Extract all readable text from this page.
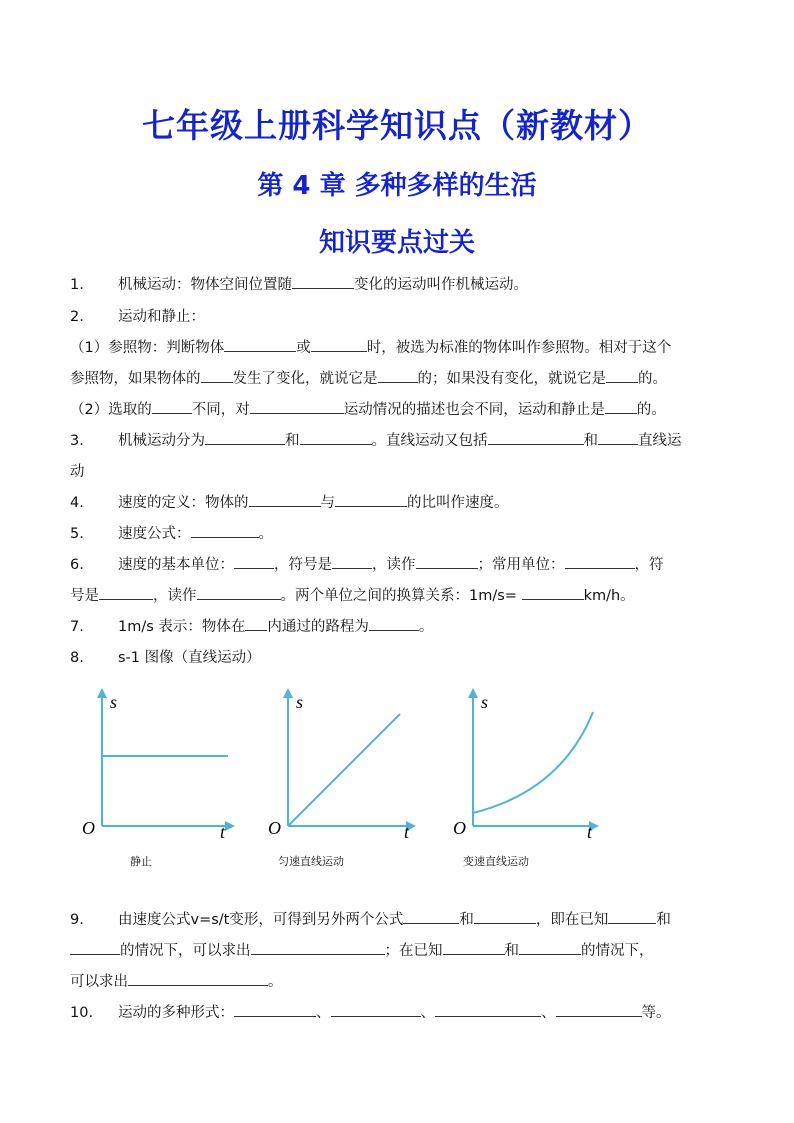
七年级上册科学知识点（新教材）
第 4 章 多种多样的生活
知识要点过关
1. 机械运动：物体空间位置随	变化的运动叫作机械运动。
2. 运动和静止：
（1）参照物：判断物体	或	时，被选为标准的物体叫作参照物。相对于这个
参照物，如果物体的 发生了变化，就说它是	的；如果没有变化，就说它是 的。
（2）选取的	不同，对	运动情况的描述也会不同，运动和静止是 的。
3. 机械运动分为	和	。直线运动又包括	和	直线运
动
4. 速度的定义：物体的	与	的比叫作速度。
5. 速度公式：	。
6. 速度的基本单位：	，符号是	，读作	；常用单位：	，符
号是	，读作	。两个单位之间的换算关系：1m/s=	km/h。
7. 1m/s 表示：物体在 内通过的路程为	。
8. s-1 图像（直线运动）
s
O	t
s
O	t
s
O	t
静止	匀速直线运动	变速直线运动
9. 由速度公式v=s/t变形，可得到另外两个公式	和	，即在已知	和
的情况下，可以求出	；在已知	和	的情况下，
可以求出	。
10. 运动的多种形式：	、	、	、	等。
